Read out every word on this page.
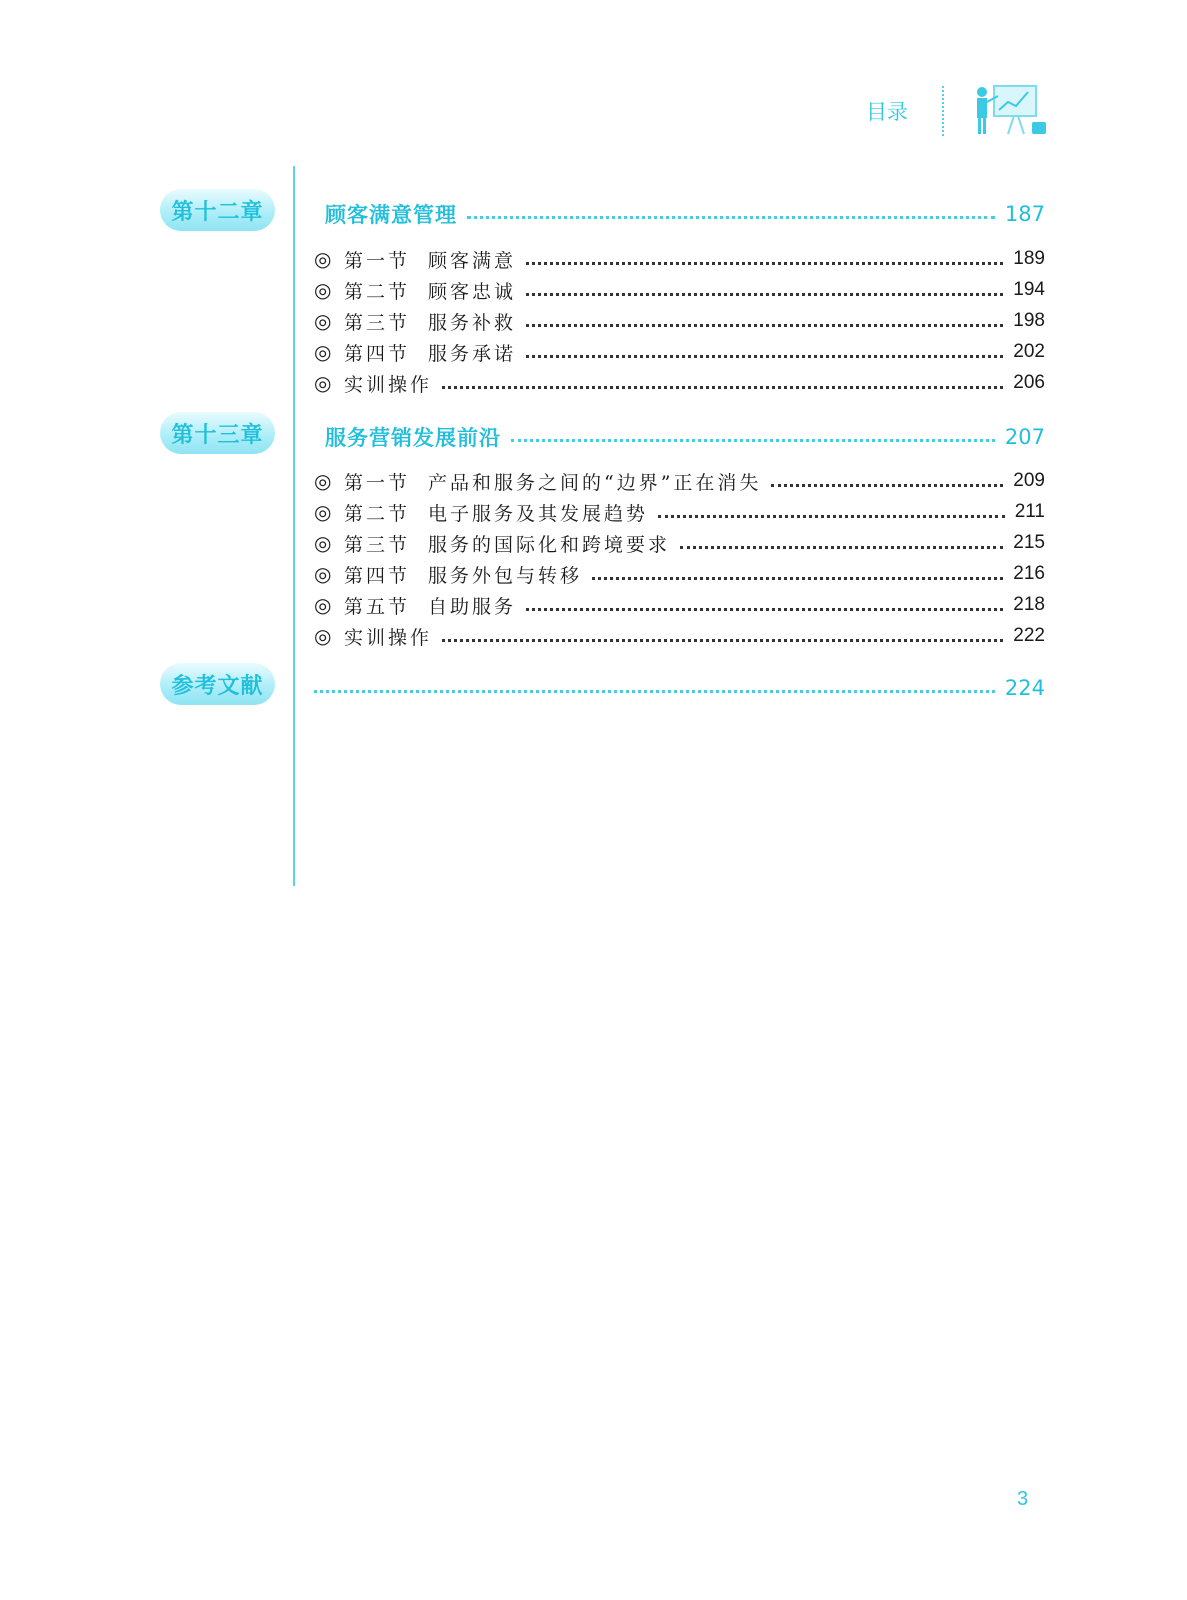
目录
第十二章	顾客满意管理	187
◎ 第一节 顾客满意	189
◎ 第二节 顾客忠诚	194
◎ 第三节 服务补救	198
◎ 第四节 服务承诺	202
◎ 实训操作	206
第十三章	服务营销发展前沿	207
◎ 第一节 产品和服务之间的“边界”正在消失	209
◎ 第二节 电子服务及其发展趋势	211
◎ 第三节 服务的国际化和跨境要求	215
◎ 第四节 服务外包与转移	216
◎ 第五节 自助服务	218
◎ 实训操作	222
参考文献	224
3
